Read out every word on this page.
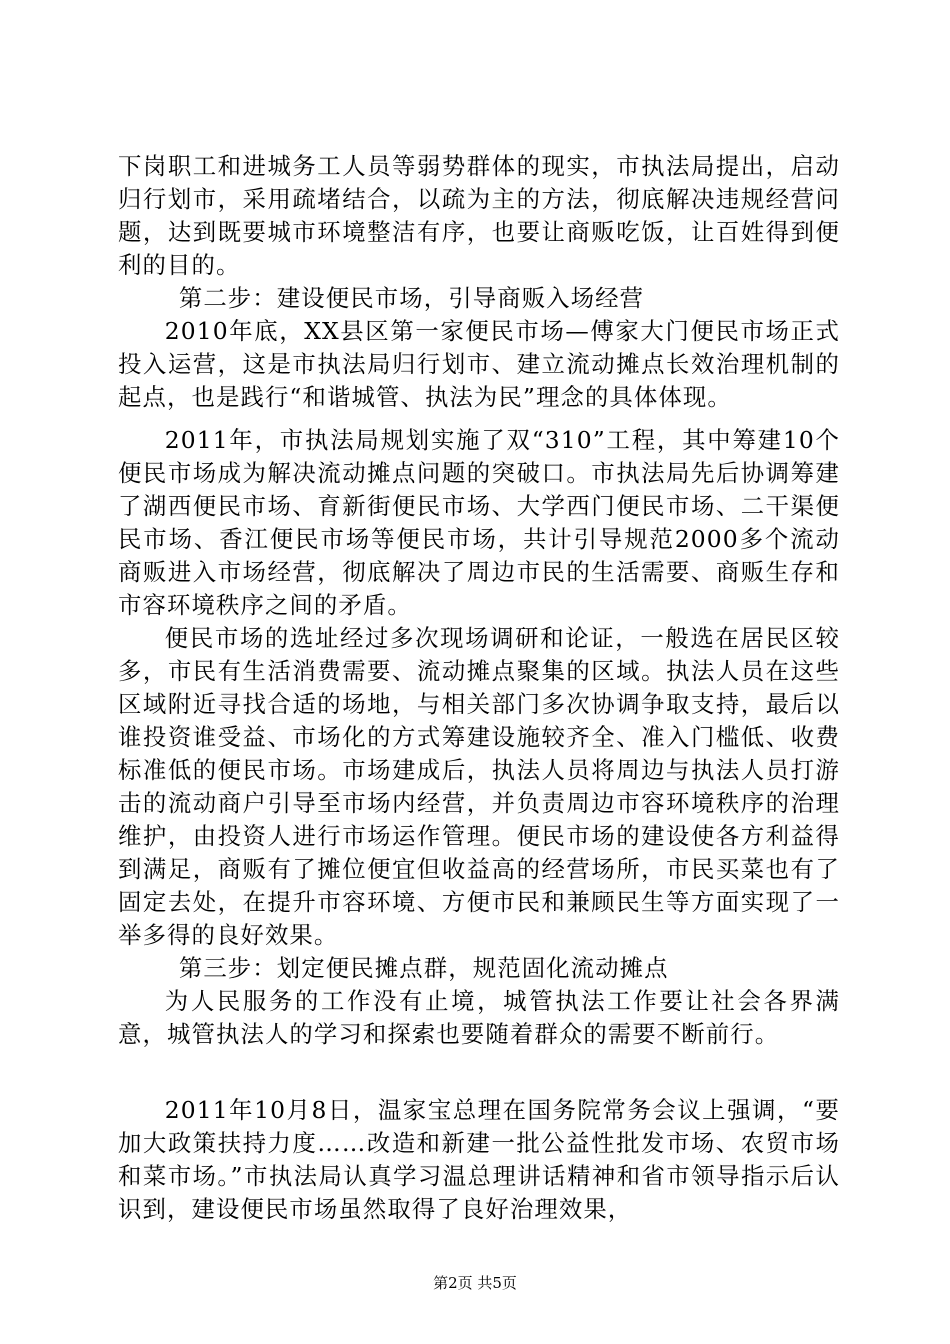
下岗职工和进城务工人员等弱势群体的现实，市执法局提出，启动归行划市，采用疏堵结合，以疏为主的方法，彻底解决违规经营问题，达到既要城市环境整洁有序，也要让商贩吃饭，让百姓得到便利的目的。

第二步：建设便民市场，引导商贩入场经营

2010年底，XX县区第一家便民市场—傅家大门便民市场正式投入运营，这是市执法局归行划市、建立流动摊点长效治理机制的起点，也是践行“和谐城管、执法为民”理念的具体体现。

2011年，市执法局规划实施了双“310”工程，其中筹建10个便民市场成为解决流动摊点问题的突破口。市执法局先后协调筹建了湖西便民市场、育新街便民市场、大学西门便民市场、二干渠便民市场、香江便民市场等便民市场，共计引导规范2000多个流动商贩进入市场经营，彻底解决了周边市民的生活需要、商贩生存和市容环境秩序之间的矛盾。

便民市场的选址经过多次现场调研和论证，一般选在居民区较多，市民有生活消费需要、流动摊点聚集的区域。执法人员在这些区域附近寻找合适的场地，与相关部门多次协调争取支持，最后以谁投资谁受益、市场化的方式筹建设施较齐全、准入门槛低、收费标准低的便民市场。市场建成后，执法人员将周边与执法人员打游击的流动商户引导至市场内经营，并负责周边市容环境秩序的治理维护，由投资人进行市场运作管理。便民市场的建设使各方利益得到满足，商贩有了摊位便宜但收益高的经营场所，市民买菜也有了固定去处，在提升市容环境、方便市民和兼顾民生等方面实现了一举多得的良好效果。

第三步：划定便民摊点群，规范固化流动摊点

为人民服务的工作没有止境，城管执法工作要让社会各界满意，城管执法人的学习和探索也要随着群众的需要不断前行。

2011年10月8日，温家宝总理在国务院常务会议上强调，“要加大政策扶持力度……改造和新建一批公益性批发市场、农贸市场和菜市场。”市执法局认真学习温总理讲话精神和省市领导指示后认识到，建设便民市场虽然取得了良好治理效果，

第2页 共5页
